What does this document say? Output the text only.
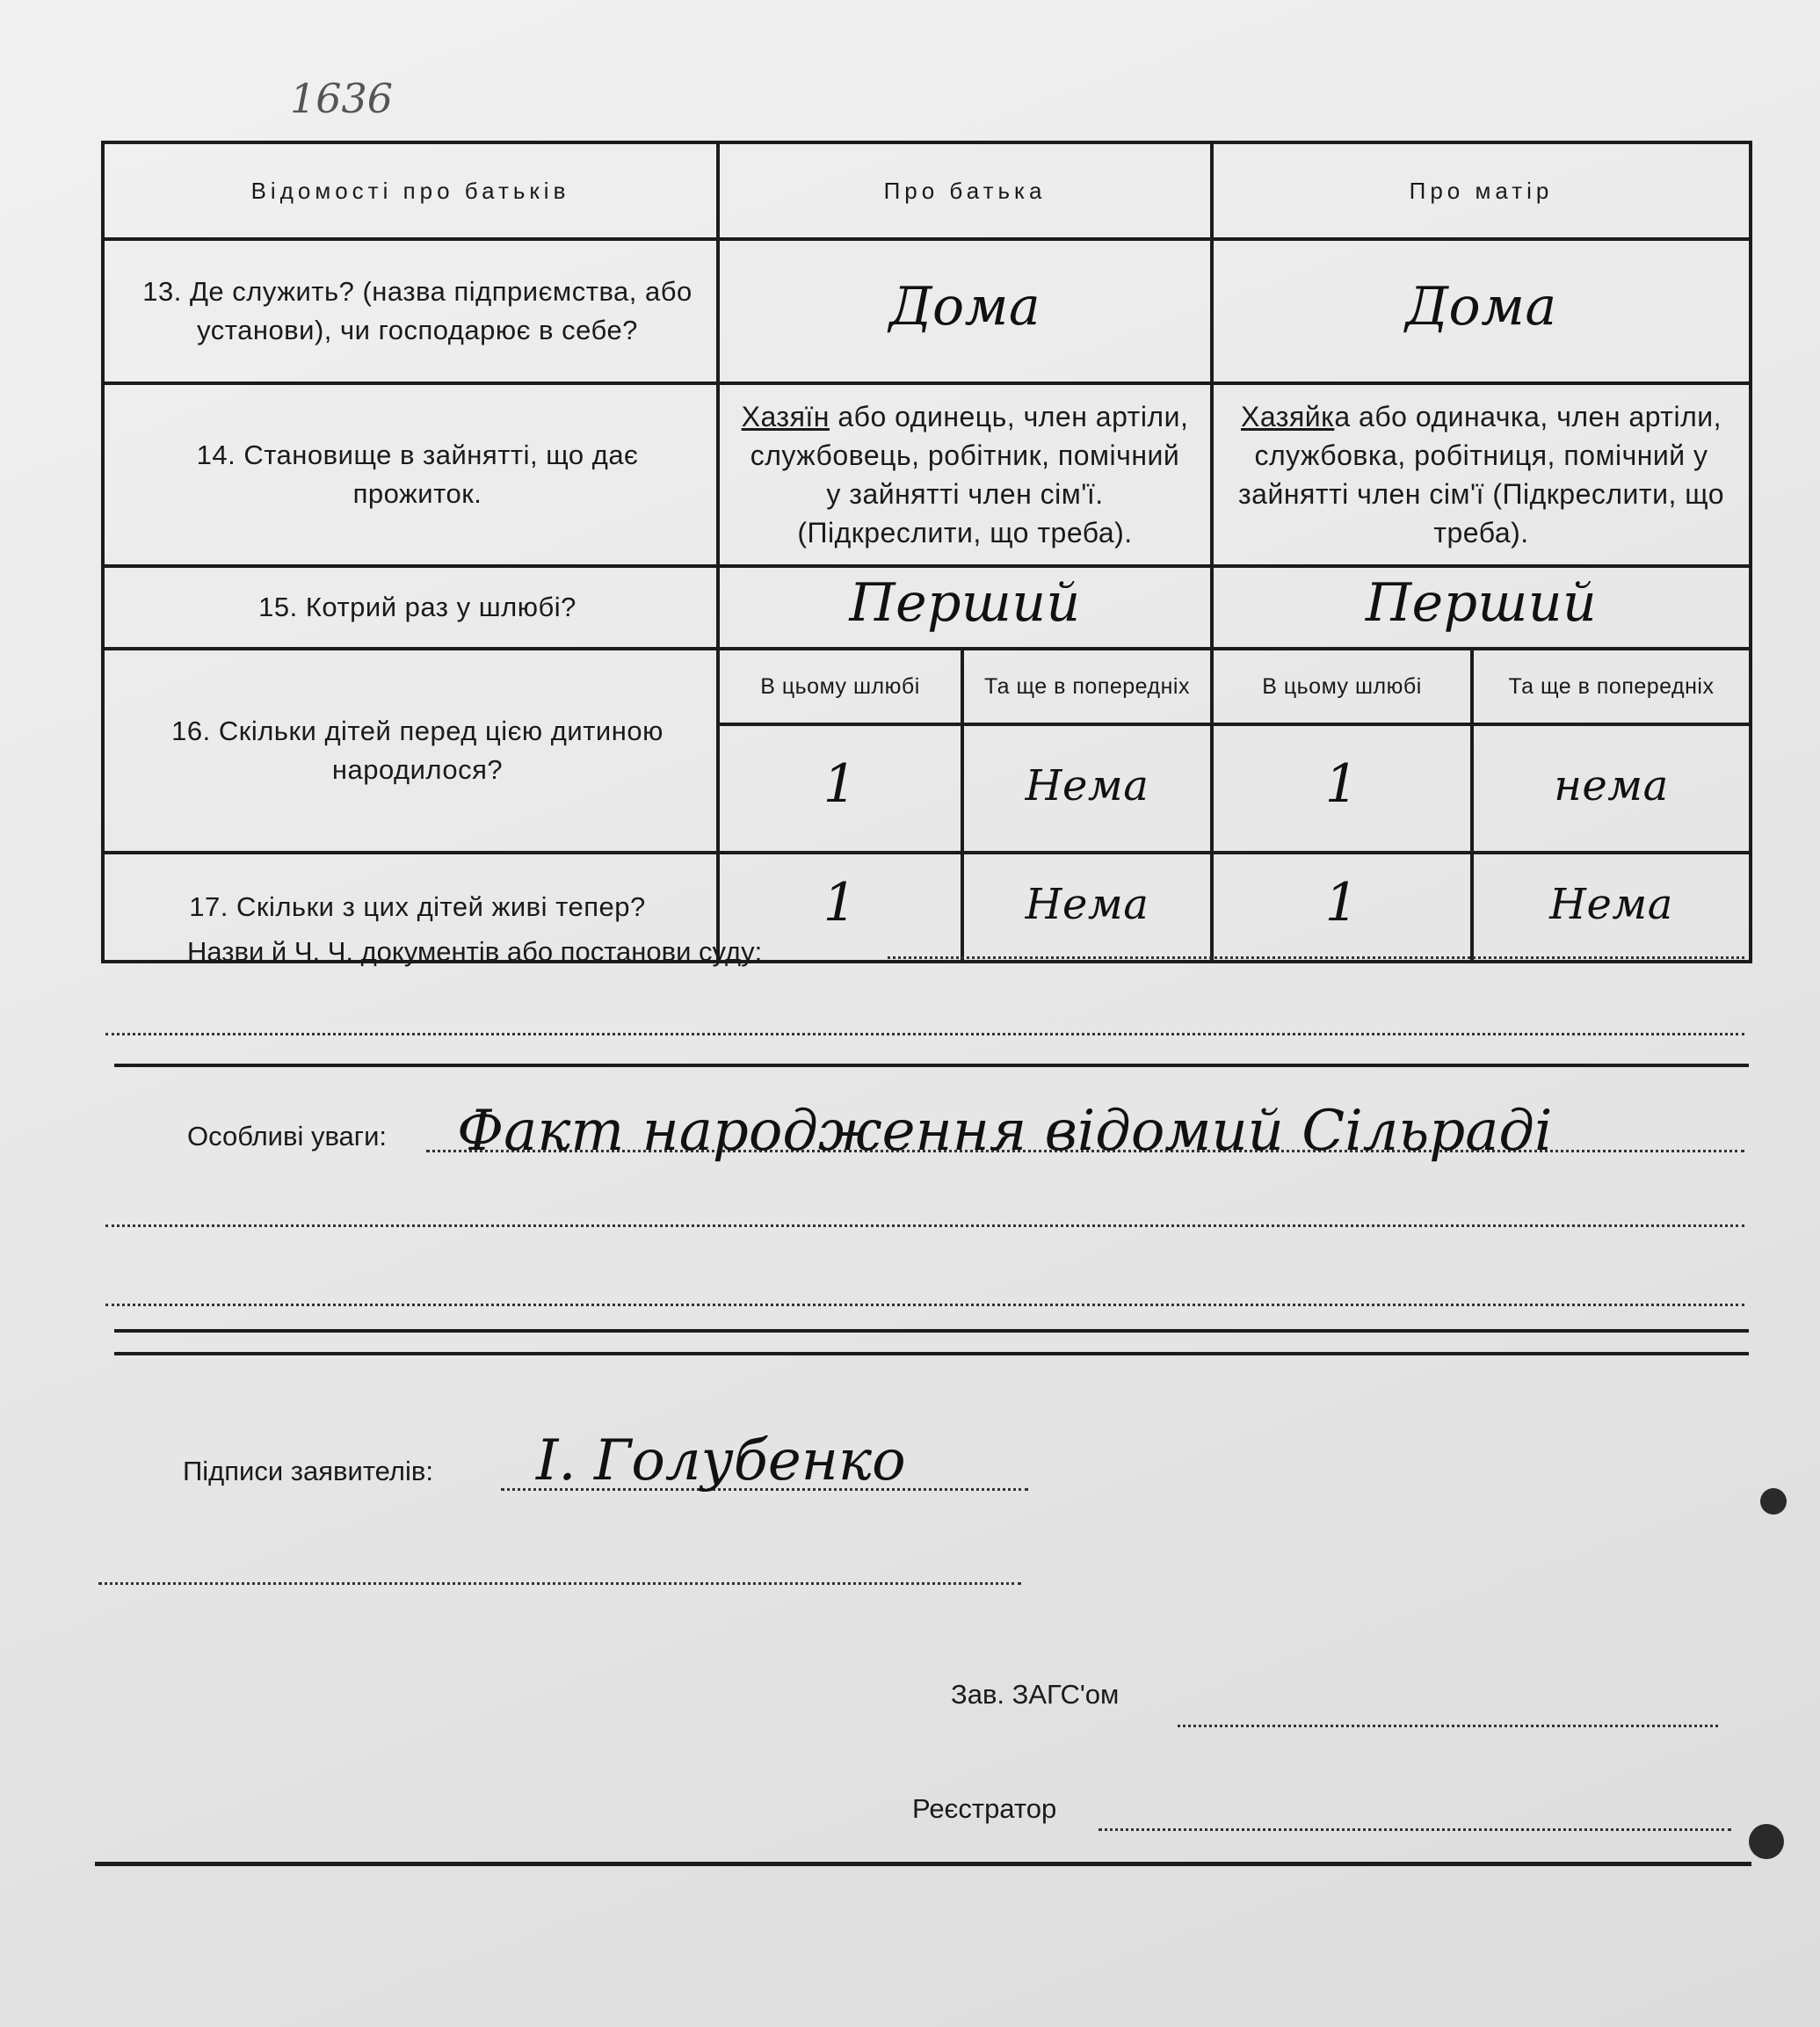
1636
Відомості про батьків	Про батька		Про матір	
13. Де служить? (назва підприємства, або установи), чи господарює в себе?	Дома		Дома	
14. Становище в зайнятті, що дає прожиток.	Хазяїн або одинець, член артіли, службовець, робітник, помічний у зайнятті член сім'ї. (Підкреслити, що треба).		Хазяйка або одиначка, член артіли, службовка, робітниця, помічний у зайнятті член сім'ї (Підкреслити, що треба).	
15. Котрий раз у шлюбі?	Перший		Перший	
16. Скільки дітей перед цією дитиною народилося?	В цьому шлюбі	Та ще в попередніх	В цьому шлюбі	Та ще в попередніх
	1	Нема	1	нема
17. Скільки з цих дітей живі тепер?	1	Нема	1	Нема
Назви й Ч. Ч. документів або постанови суду:
Особливі уваги: Факт народження відомий Сільраді
Підписи заявителів: І. Голубенко
Зав. ЗАГС'ом
Реєстратор
